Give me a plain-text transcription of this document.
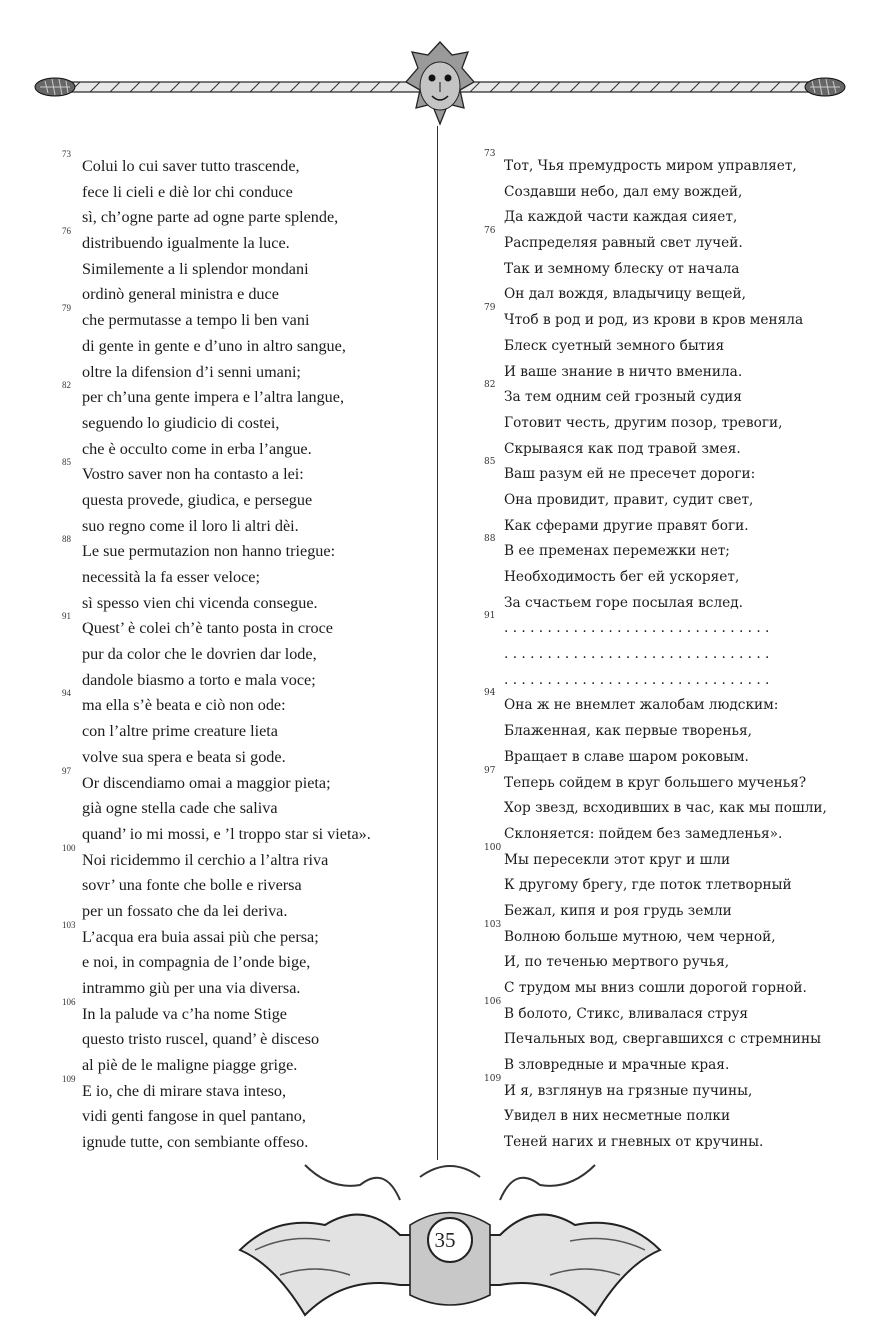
73
Colui lo cui saver tutto trascende,
fece li cieli e diè lor chi conduce
sì, ch’ogne parte ad ogne parte splende,
76
distribuendo igualmente la luce.
Similemente a li splendor mondani
ordinò general ministra e duce
79
che permutasse a tempo li ben vani
di gente in gente e d’uno in altro sangue,
oltre la difension d’i senni umani;
82
per ch’una gente impera e l’altra langue,
seguendo lo giudicio di costei,
che è occulto come in erba l’angue.
85
Vostro saver non ha contasto a lei:
questa provede, giudica, e persegue
suo regno come il loro li altri dèi.
88
Le sue permutazion non hanno triegue:
necessità la fa esser veloce;
sì spesso vien chi vicenda consegue.
91
Quest’ è colei ch’è tanto posta in croce
pur da color che le dovrien dar lode,
dandole biasmo a torto e mala voce;
94
ma ella s’è beata e ciò non ode:
con l’altre prime creature lieta
volve sua spera e beata si gode.
97
Or discendiamo omai a maggior pieta;
già ogne stella cade che saliva
quand’ io mi mossi, e ’l troppo star si vieta».
100
Noi ricidemmo il cerchio a l’altra riva
sovr’ una fonte che bolle e riversa
per un fossato che da lei deriva.
103
L’acqua era buia assai più che persa;
e noi, in compagnia de l’onde bige,
intrammo giù per una via diversa.
106
In la palude va c’ha nome Stige
questo tristo ruscel, quand’ è disceso
al piè de le maligne piagge grige.
109
E io, che di mirare stava inteso,
vidi genti fangose in quel pantano,
ignude tutte, con sembiante offeso.
73
Тот, Чья премудрость миром управляет,
Создавши небо, дал ему вождей,
Да каждой части каждая сияет,
76
Распределяя равный свет лучей.
Так и земному блеску от начала
Он дал вождя, владычицу вещей,
79
Чтоб в род и род, из крови в кров меняла
Блеск суетный земного бытия
И ваше знание в ничто вменила.
82
За тем одним сей грозный судия
Готовит честь, другим позор, тревоги,
Скрываяся как под травой змея.
85
Ваш разум ей не пресечет дороги:
Она провидит, правит, судит свет,
Как сферами другие правят боги.
88
В ее пременах перемежки нет;
Необходимость бег ей ускоряет,
За счастьем горе посылая вслед.
91
. . . . . . . . . . . . . . . . . . . . . . . . . . . . . . .
. . . . . . . . . . . . . . . . . . . . . . . . . . . . . . .
. . . . . . . . . . . . . . . . . . . . . . . . . . . . . . .
94
Она ж не внемлет жалобам людским:
Блаженная, как первые творенья,
Вращает в славе шаром роковым.
97
Теперь сойдем в круг большего мученья?
Хор звезд, всходивших в час, как мы пошли,
Склоняется: пойдем без замедленья».
100
Мы пересекли этот круг и шли
К другому брегу, где поток тлетворный
Бежал, кипя и роя грудь земли
103
Волною больше мутною, чем черной,
И, по теченью мертвого ручья,
С трудом мы вниз сошли дорогой горной.
106
В болото, Стикс, вливалася струя
Печальных вод, свергавшихся с стремнины
В зловредные и мрачные края.
109
И я, взглянув на грязные пучины,
Увидел в них несметные полки
Теней нагих и гневных от кручины.
35
